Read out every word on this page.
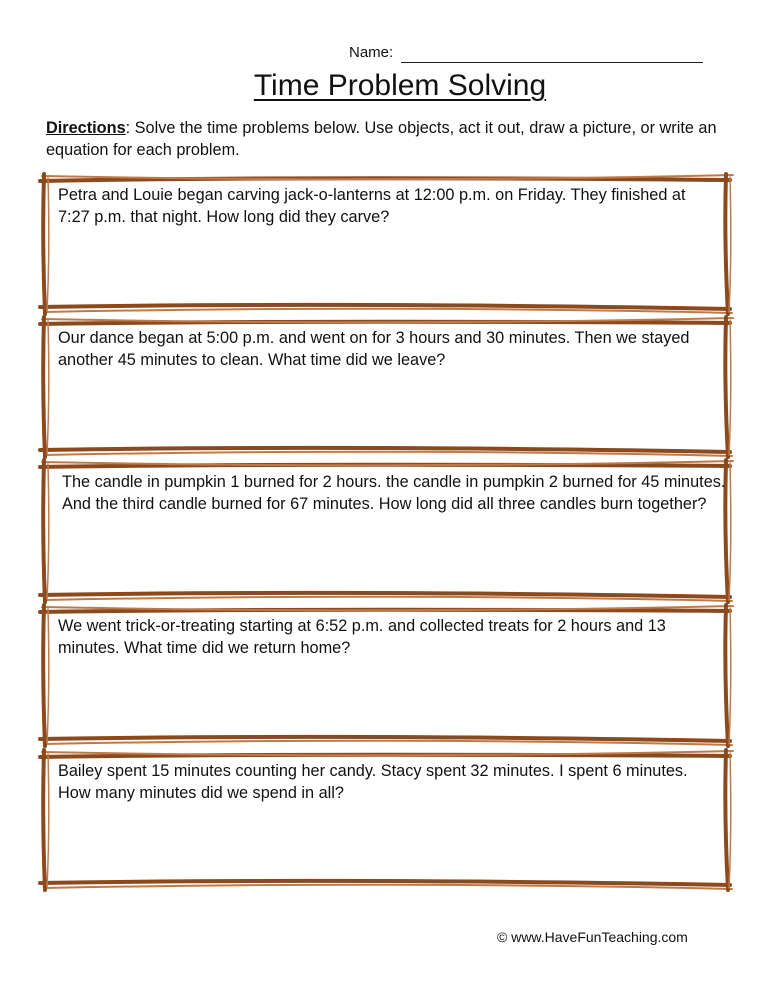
Name:
Time Problem Solving
Directions: Solve the time problems below. Use objects, act it out, draw a picture, or write an equation for each problem.
Petra and Louie began carving jack-o-lanterns at 12:00 p.m. on Friday. They finished at 7:27 p.m. that night. How long did they carve?
Our dance began at 5:00 p.m. and went on for 3 hours and 30 minutes. Then we stayed another 45 minutes to clean. What time did we leave?
The candle in pumpkin 1 burned for 2 hours. the candle in pumpkin 2 burned for 45 minutes. And the third candle burned for 67 minutes. How long did all three candles burn together?
We went trick-or-treating starting at 6:52 p.m. and collected treats for 2 hours and 13 minutes. What time did we return home?
Bailey spent 15 minutes counting her candy. Stacy spent 32 minutes. I spent 6 minutes. How many minutes did we spend in all?
© www.HaveFunTeaching.com
